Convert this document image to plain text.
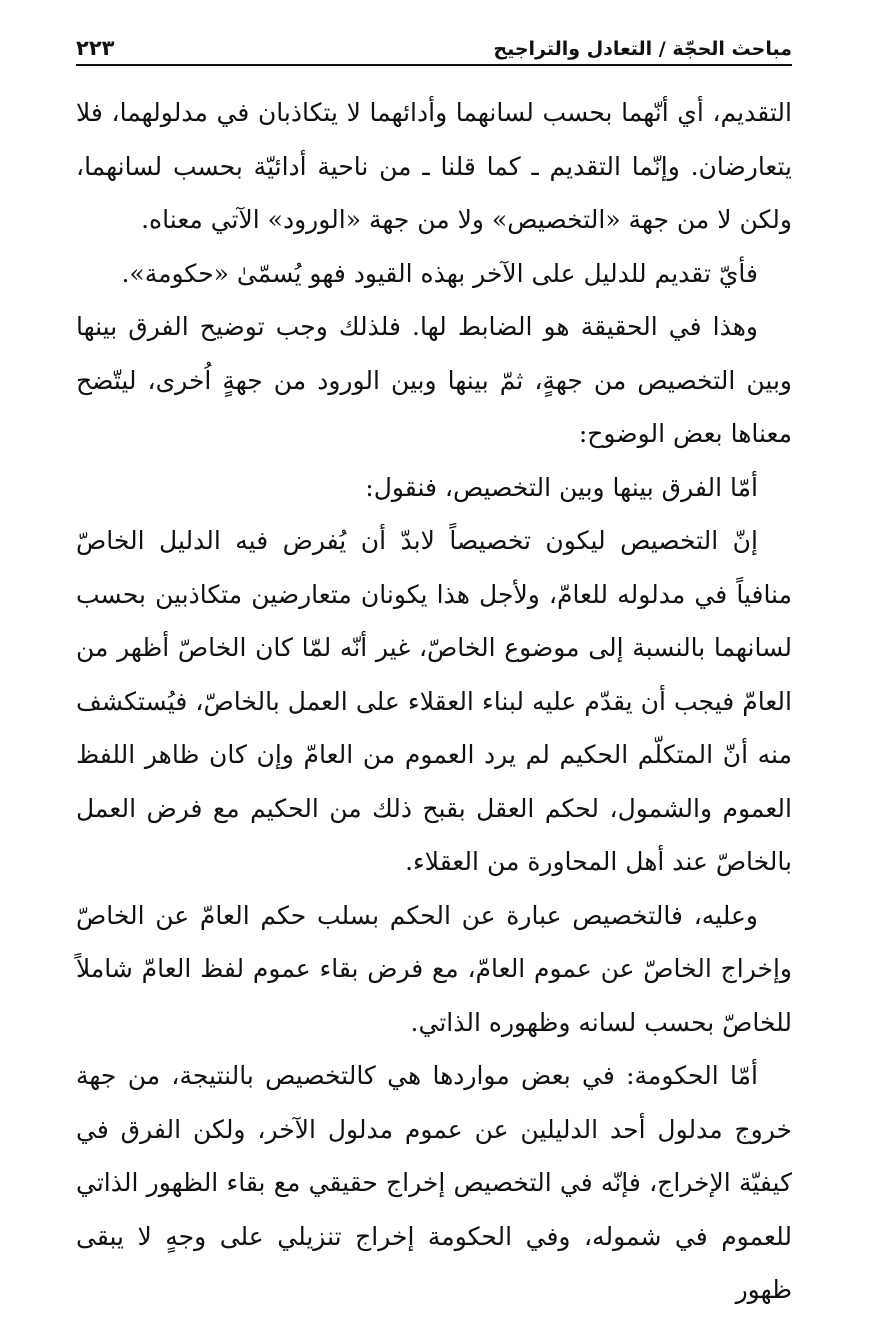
مباحث الحجّة / التعادل والتراجيح
٢٢٣

التقديم، أي أنّهما بحسب لسانهما وأدائهما لا يتكاذبان في مدلولهما، فلا يتعارضان. وإنّما التقديم ـ كما قلنا ـ من ناحية أدائيّة بحسب لسانهما، ولكن لا من جهة «التخصيص» ولا من جهة «الورود» الآتي معناه.

فأيّ تقديم للدليل على الآخر بهذه القيود فهو يُسمّىٰ «حكومة».

وهذا في الحقيقة هو الضابط لها. فلذلك وجب توضيح الفرق بينها وبين التخصيص من جهةٍ، ثمّ بينها وبين الورود من جهةٍ اُخرى، ليتّضح معناها بعض الوضوح:

أمّا الفرق بينها وبين التخصيص، فنقول:

إنّ التخصيص ليكون تخصيصاً لابدّ أن يُفرض فيه الدليل الخاصّ منافياً في مدلوله للعامّ، ولأجل هذا يكونان متعارضين متكاذبين بحسب لسانهما بالنسبة إلى موضوع الخاصّ، غير أنّه لمّا كان الخاصّ أظهر من العامّ فيجب أن يقدّم عليه لبناء العقلاء على العمل بالخاصّ، فيُستكشف منه أنّ المتكلّم الحكيم لم يرد العموم من العامّ وإن كان ظاهر اللفظ العموم والشمول، لحكم العقل بقبح ذلك من الحكيم مع فرض العمل بالخاصّ عند أهل المحاورة من العقلاء.

وعليه، فالتخصيص عبارة عن الحكم بسلب حكم العامّ عن الخاصّ وإخراج الخاصّ عن عموم العامّ، مع فرض بقاء عموم لفظ العامّ شاملاً للخاصّ بحسب لسانه وظهوره الذاتي.

أمّا الحكومة: في بعض مواردها هي كالتخصيص بالنتيجة، من جهة خروج مدلول أحد الدليلين عن عموم مدلول الآخر، ولكن الفرق في كيفيّة الإخراج، فإنّه في التخصيص إخراج حقيقي مع بقاء الظهور الذاتي للعموم في شموله، وفي الحكومة إخراج تنزيلي على وجهٍ لا يبقى ظهور
